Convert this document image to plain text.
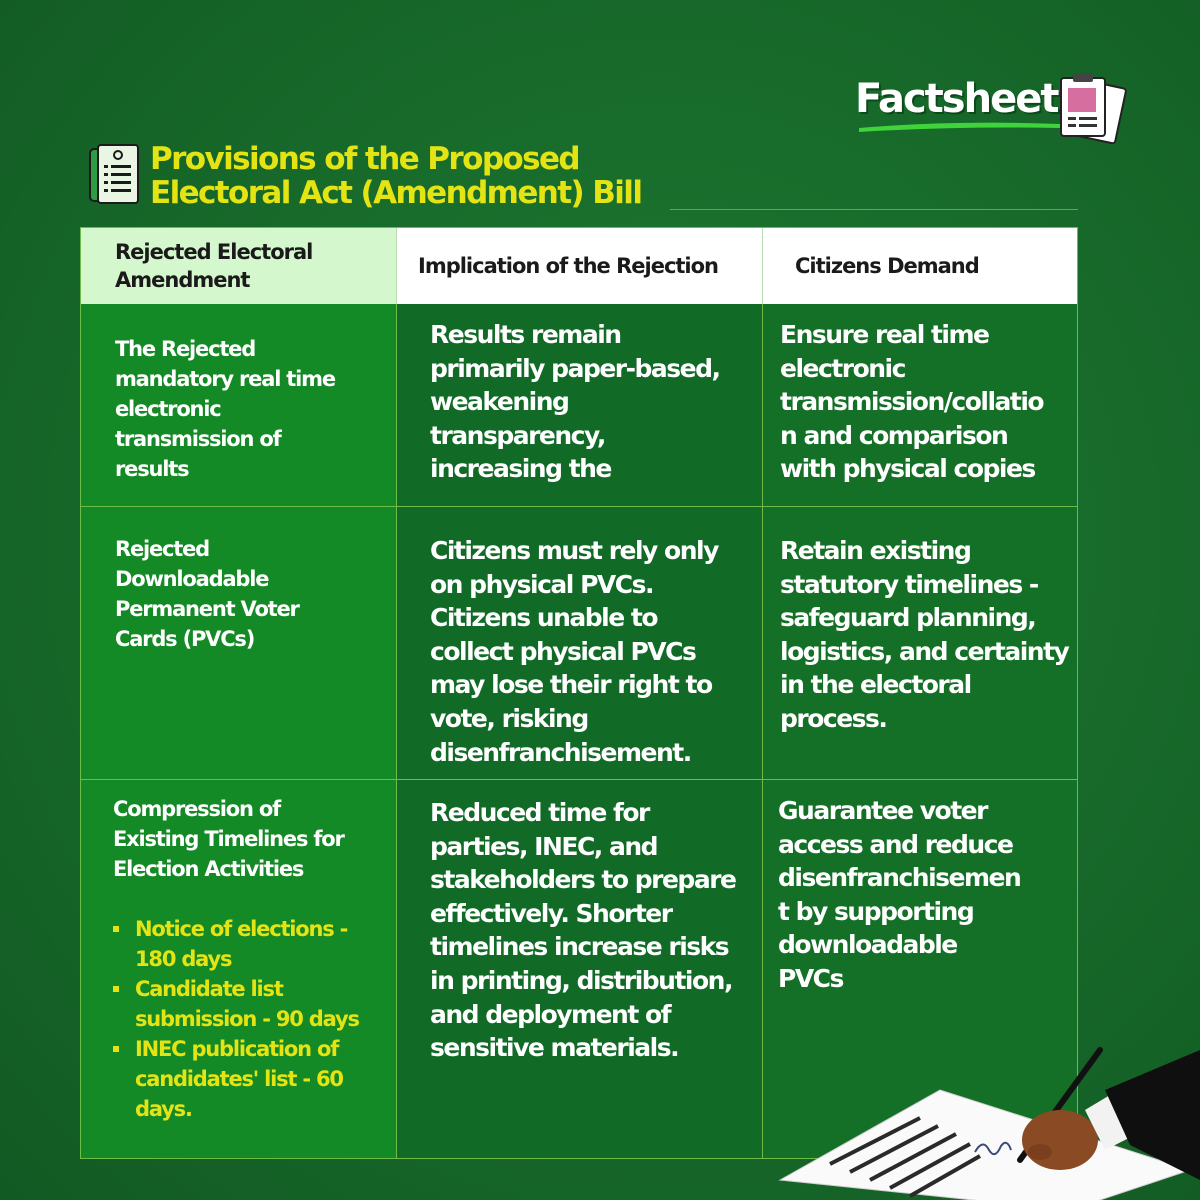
Factsheet
Provisions of the Proposed
Electoral Act (Amendment) Bill
Rejected Electoral
Amendment
Implication of the Rejection	Citizens Demand
The Rejected
mandatory real time
electronic
transmission of
results
Results remain
primarily paper-based,
weakening
transparency,
increasing the
Ensure real time
electronic
transmission/collatio
n and comparison
with physical copies
Rejected
Downloadable
Permanent Voter
Cards (PVCs)
Citizens must rely only
on physical PVCs.
Citizens unable to
collect physical PVCs
may lose their right to
vote, risking
disenfranchisement.
Retain existing
statutory timelines -
safeguard planning,
logistics, and certainty
in the electoral
process.
Compression of
Existing Timelines for
Election Activities
Notice of elections -
180 days
Candidate list
submission - 90 days
INEC publication of
candidates' list - 60
days.
Reduced time for
parties, INEC, and
stakeholders to prepare
effectively. Shorter
timelines increase risks
in printing, distribution,
and deployment of
sensitive materials.
Guarantee voter
access and reduce
disenfranchisemen
t by supporting
downloadable
PVCs
